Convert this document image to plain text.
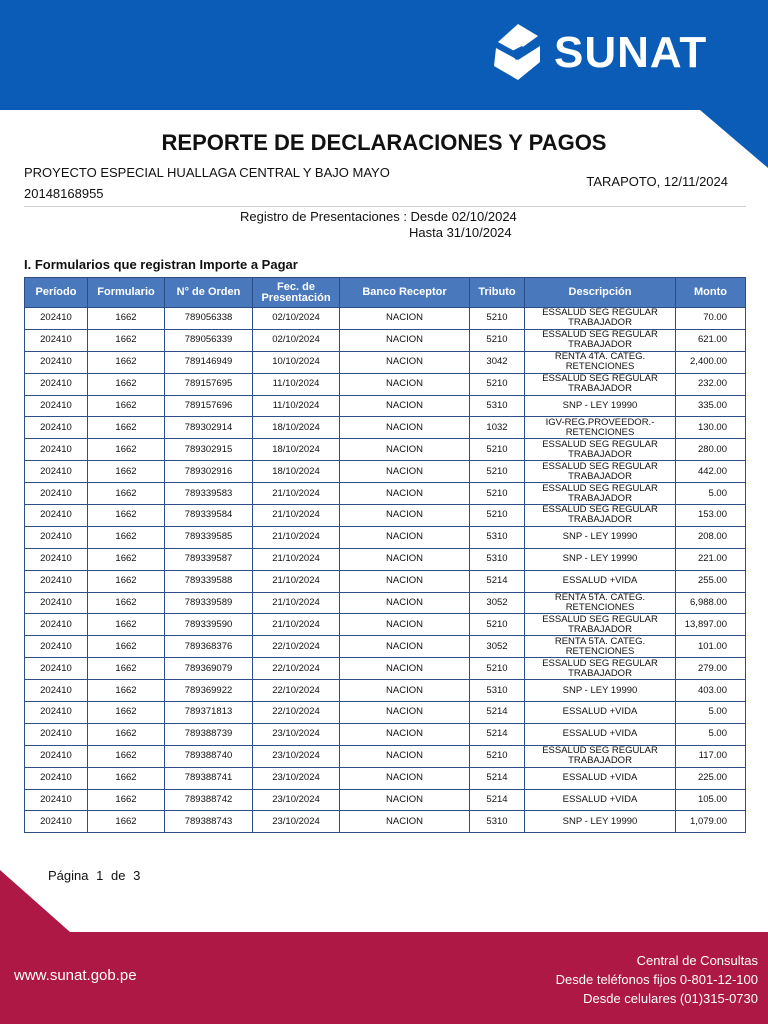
SUNAT
REPORTE DE DECLARACIONES Y PAGOS
PROYECTO ESPECIAL HUALLAGA CENTRAL Y BAJO MAYO
20148168955
TARAPOTO, 12/11/2024
Registro de Presentaciones : Desde 02/10/2024
Hasta 31/10/2024
I. Formularios que registran Importe a Pagar
Período	Formulario	N° de Orden	Fec. de Presentación	Banco Receptor	Tributo	Descripción	Monto
202410	1662	789056338	02/10/2024	NACION	5210	ESSALUD SEG REGULAR TRABAJADOR	70.00
202410	1662	789056339	02/10/2024	NACION	5210	ESSALUD SEG REGULAR TRABAJADOR	621.00
202410	1662	789146949	10/10/2024	NACION	3042	RENTA 4TA. CATEG. RETENCIONES	2,400.00
202410	1662	789157695	11/10/2024	NACION	5210	ESSALUD SEG REGULAR TRABAJADOR	232.00
202410	1662	789157696	11/10/2024	NACION	5310	SNP - LEY 19990	335.00
202410	1662	789302914	18/10/2024	NACION	1032	IGV-REG.PROVEEDOR.- RETENCIONES	130.00
202410	1662	789302915	18/10/2024	NACION	5210	ESSALUD SEG REGULAR TRABAJADOR	280.00
202410	1662	789302916	18/10/2024	NACION	5210	ESSALUD SEG REGULAR TRABAJADOR	442.00
202410	1662	789339583	21/10/2024	NACION	5210	ESSALUD SEG REGULAR TRABAJADOR	5.00
202410	1662	789339584	21/10/2024	NACION	5210	ESSALUD SEG REGULAR TRABAJADOR	153.00
202410	1662	789339585	21/10/2024	NACION	5310	SNP - LEY 19990	208.00
202410	1662	789339587	21/10/2024	NACION	5310	SNP - LEY 19990	221.00
202410	1662	789339588	21/10/2024	NACION	5214	ESSALUD +VIDA	255.00
202410	1662	789339589	21/10/2024	NACION	3052	RENTA 5TA. CATEG. RETENCIONES	6,988.00
202410	1662	789339590	21/10/2024	NACION	5210	ESSALUD SEG REGULAR TRABAJADOR	13,897.00
202410	1662	789368376	22/10/2024	NACION	3052	RENTA 5TA. CATEG. RETENCIONES	101.00
202410	1662	789369079	22/10/2024	NACION	5210	ESSALUD SEG REGULAR TRABAJADOR	279.00
202410	1662	789369922	22/10/2024	NACION	5310	SNP - LEY 19990	403.00
202410	1662	789371813	22/10/2024	NACION	5214	ESSALUD +VIDA	5.00
202410	1662	789388739	23/10/2024	NACION	5214	ESSALUD +VIDA	5.00
202410	1662	789388740	23/10/2024	NACION	5210	ESSALUD SEG REGULAR TRABAJADOR	117.00
202410	1662	789388741	23/10/2024	NACION	5214	ESSALUD +VIDA	225.00
202410	1662	789388742	23/10/2024	NACION	5214	ESSALUD +VIDA	105.00
202410	1662	789388743	23/10/2024	NACION	5310	SNP - LEY 19990	1,079.00
Página 1 de 3
www.sunat.gob.pe
Central de Consultas
Desde teléfonos fijos 0-801-12-100
Desde celulares (01)315-0730
